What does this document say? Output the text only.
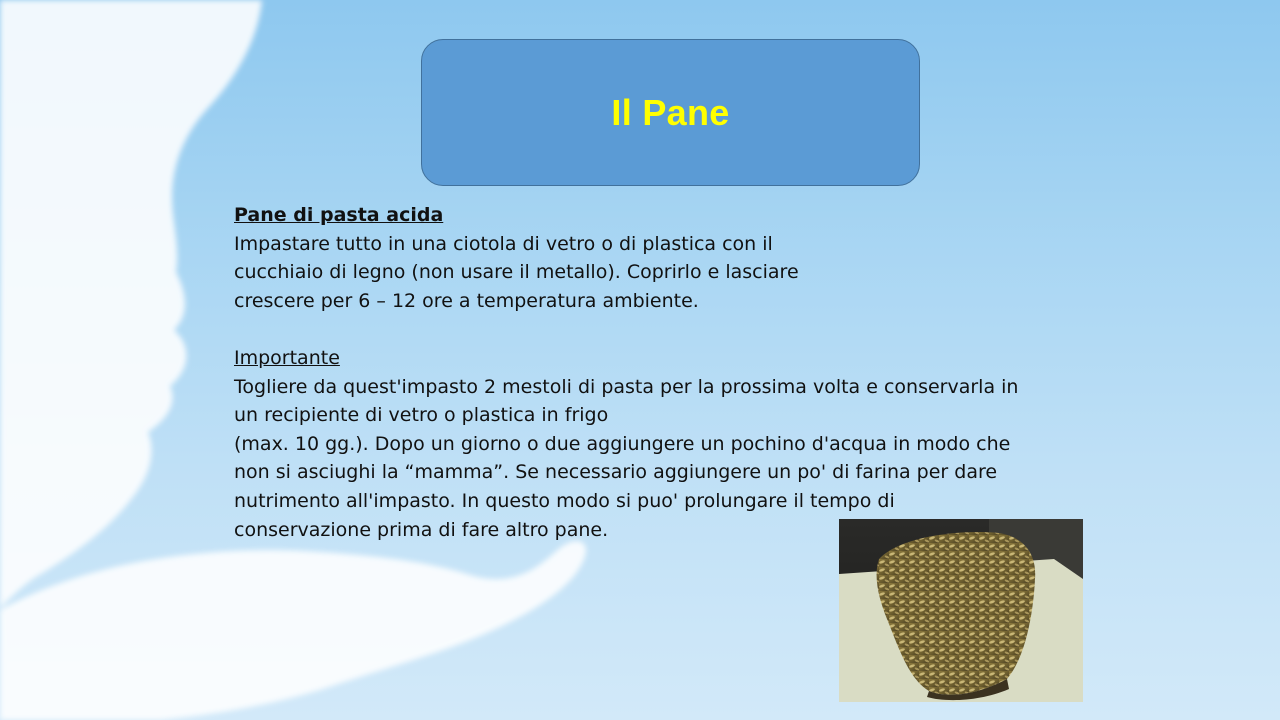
Il Pane

Pane di pasta acida

Impastare tutto in una ciotola di vetro o di plastica con il

cucchiaio di legno (non usare il metallo). Coprirlo e lasciare

crescere per 6 – 12 ore a temperatura ambiente.

Importante

Togliere da quest'impasto 2 mestoli di pasta per la prossima volta e conservarla in

un recipiente di vetro o plastica in frigo

(max. 10 gg.). Dopo un giorno o due aggiungere un pochino d'acqua in modo che

non si asciughi la “mamma”. Se necessario aggiungere un po' di farina per dare

nutrimento all'impasto. In questo modo si puo' prolungare il tempo di

conservazione prima di fare altro pane.
